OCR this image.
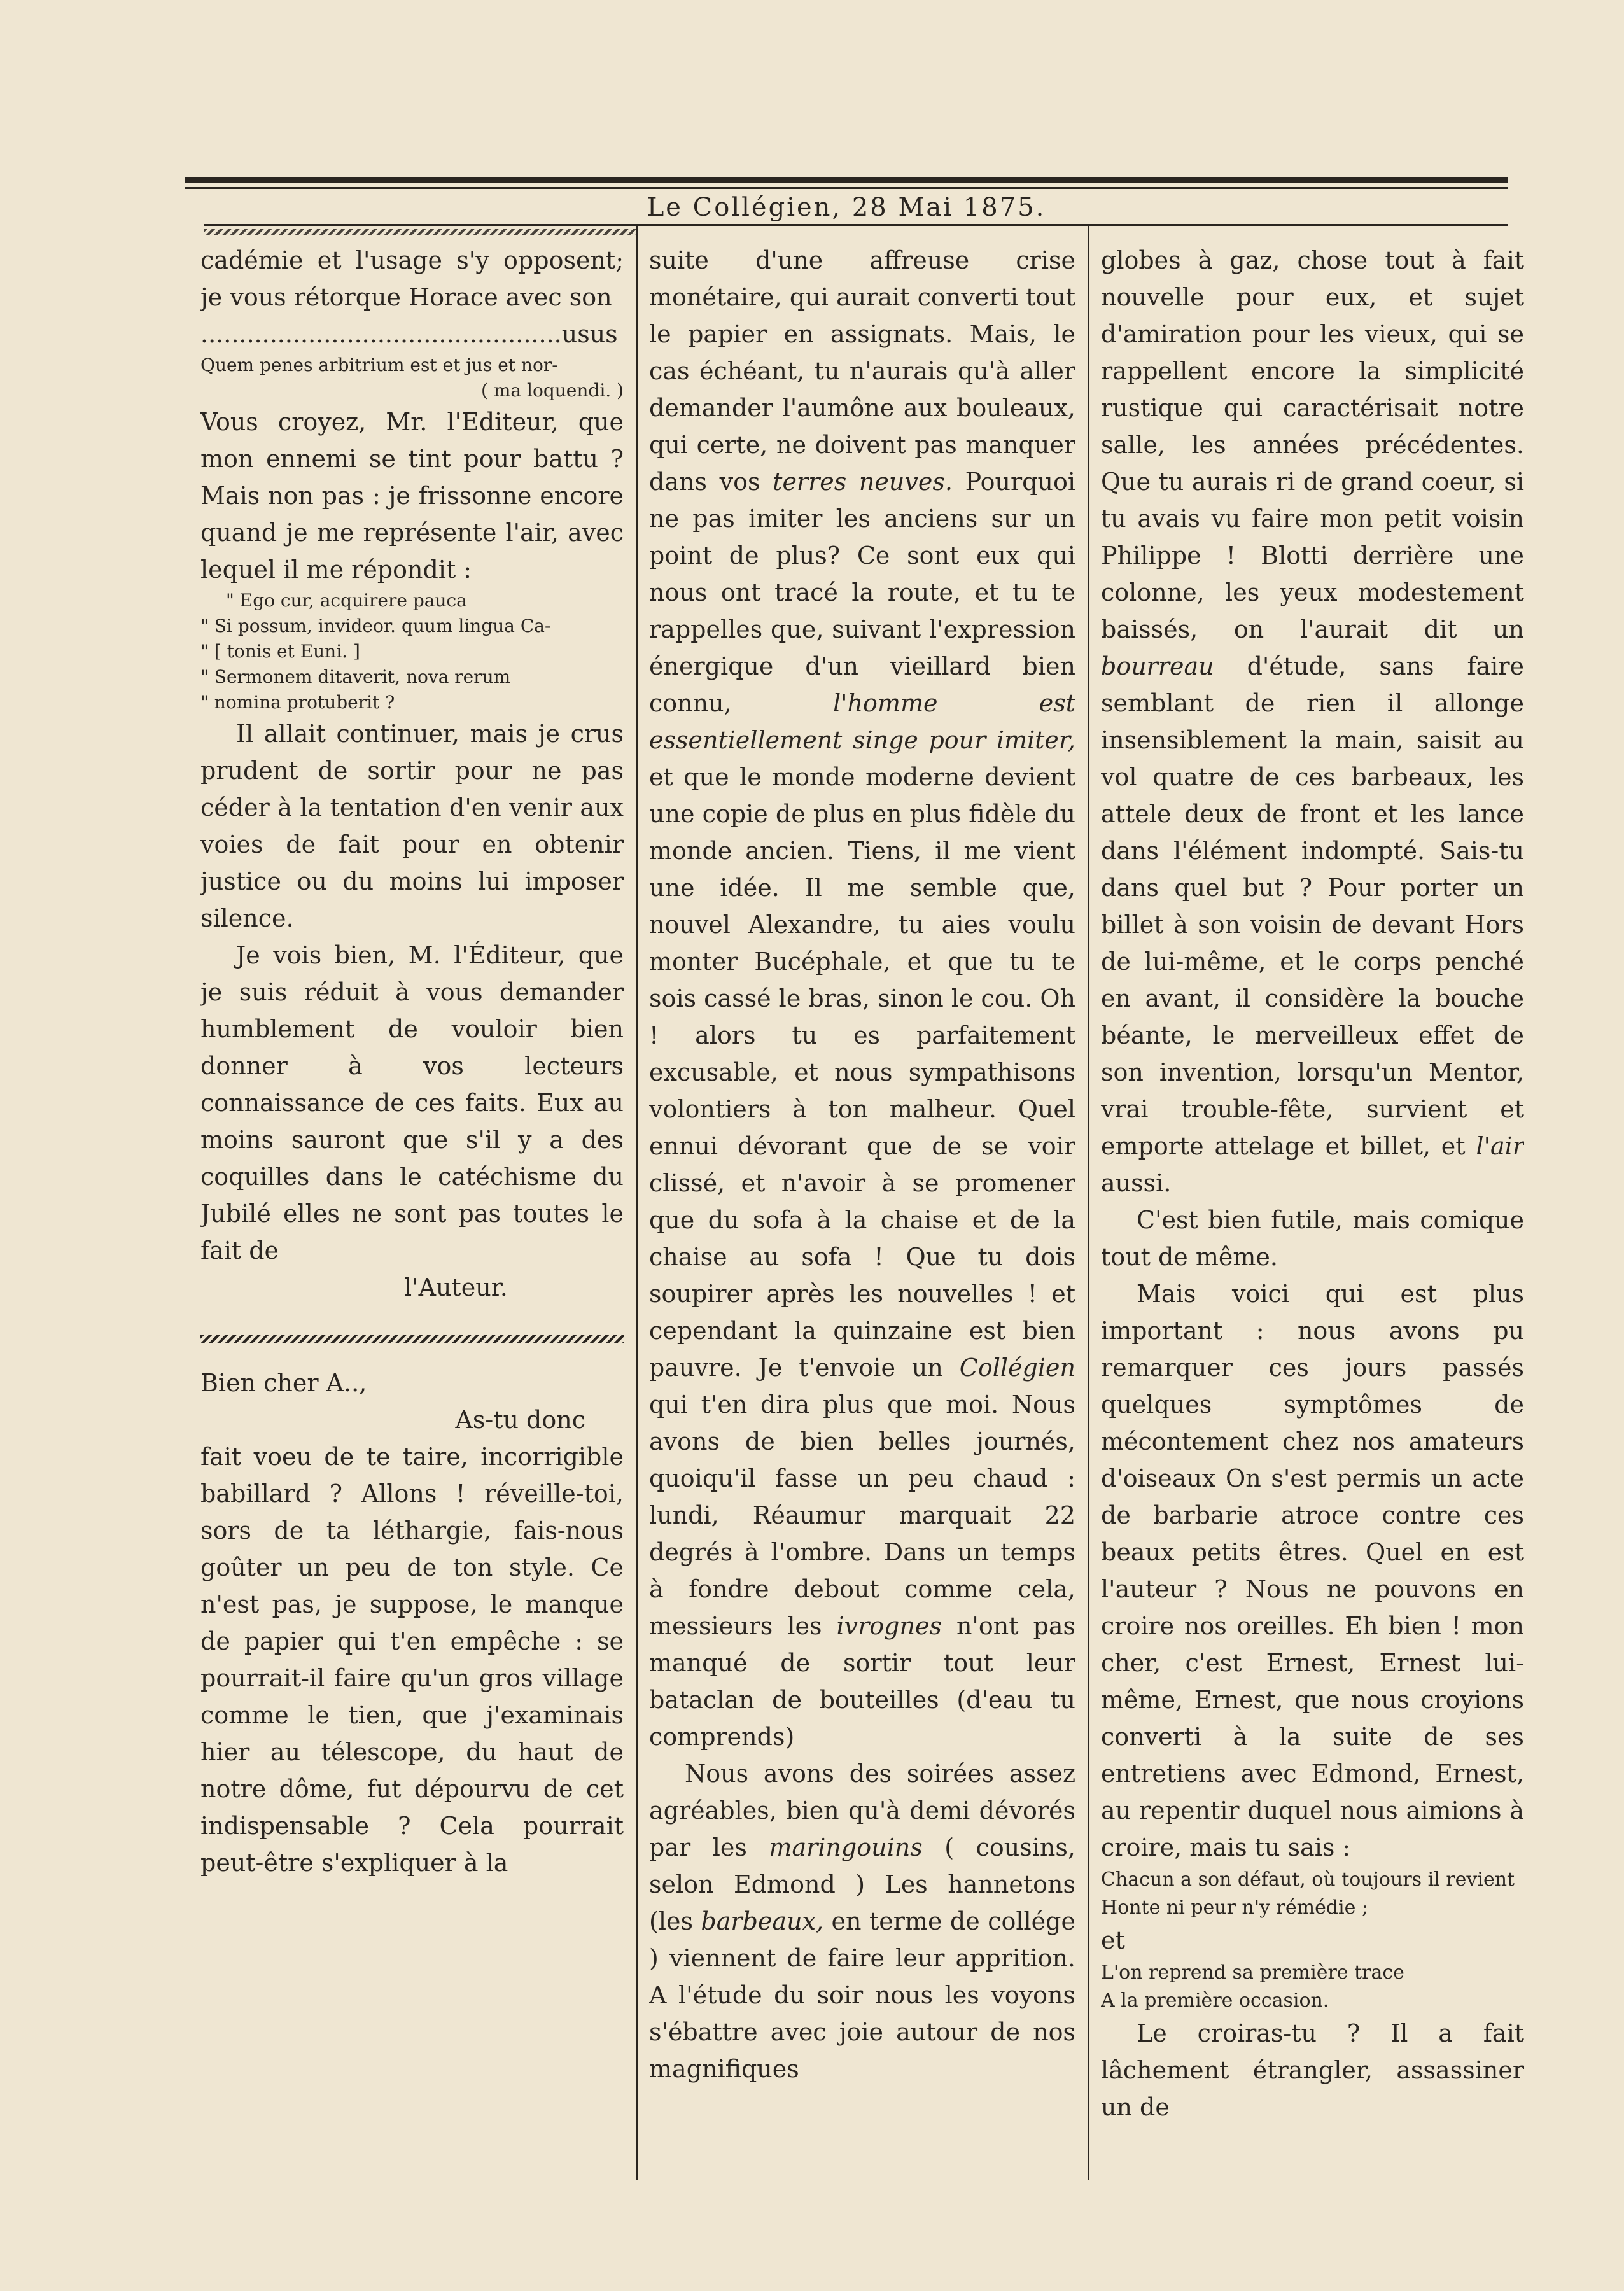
Le Collégien, 28 Mai 1875.

cadémie et l'usage s'y opposent; je vous rétorque Horace avec son

...............................................usus

Quem penes arbitrium est et jus et nor-

( ma loquendi. )

Vous croyez, Mr. l'Editeur, que mon ennemi se tint pour battu ? Mais non pas : je frissonne encore quand je me représente l'air, avec lequel il me répondit :

" Ego cur, acquirere pauca

" Si possum, invideor. quum lingua Ca-

" [ tonis et Euni. ]

" Sermonem ditaverit, nova rerum

" nomina protuberit ?

Il allait continuer, mais je crus prudent de sortir pour ne pas céder à la tentation d'en venir aux voies de fait pour en obtenir justice ou du moins lui imposer silence.

Je vois bien, M. l'Éditeur, que je suis réduit à vous demander humblement de vouloir bien donner à vos lecteurs connaissance de ces faits. Eux au moins sauront que s'il y a des coquilles dans le catéchisme du Jubilé elles ne sont pas toutes le fait de

l'Auteur.

Bien cher A..,

As-tu donc

fait voeu de te taire, incorrigible babillard ? Allons ! réveille-toi, sors de ta léthargie, fais-nous goûter un peu de ton style. Ce n'est pas, je suppose, le manque de papier qui t'en empêche : se pourrait-il faire qu'un gros village comme le tien, que j'examinais hier au télescope, du haut de notre dôme, fut dépourvu de cet indispensable ? Cela pourrait peut-être s'expliquer à la

suite d'une affreuse crise monétaire, qui aurait converti tout le papier en assignats. Mais, le cas échéant, tu n'aurais qu'à aller demander l'aumône aux bouleaux, qui certe, ne doivent pas manquer dans vos terres neuves. Pourquoi ne pas imiter les anciens sur un point de plus? Ce sont eux qui nous ont tracé la route, et tu te rappelles que, suivant l'expression énergique d'un vieillard bien connu,	l'homme est essentiellement singe pour imiter, et que le monde moderne devient une copie de plus en plus fidèle du monde ancien. Tiens, il me vient une idée. Il me semble que, nouvel Alexandre, tu aies voulu monter Bucéphale, et que tu te sois cassé le bras, sinon le cou. Oh ! alors tu es parfaitement excusable, et nous sympathisons volontiers à ton malheur. Quel ennui dévorant que de se voir clissé, et n'avoir à se promener que du sofa à la chaise et de la chaise au sofa ! Que tu dois soupirer après les nouvelles ! et cependant la quinzaine est bien pauvre. Je t'envoie un Collégien qui t'en dira plus que moi. Nous avons de bien belles journés, quoiqu'il fasse un peu chaud : lundi, Réaumur marquait 22 degrés à l'ombre. Dans un temps à fondre debout comme cela, messieurs les ivrognes n'ont pas manqué de sortir tout leur bataclan de bouteilles (d'eau tu comprends)

Nous avons des soirées assez agréables, bien qu'à demi dévorés par les maringouins ( cousins, selon Edmond ) Les hannetons (les barbeaux, en terme de collége ) viennent de faire leur apprition. A l'étude du soir nous les voyons s'ébattre avec joie autour de nos magnifiques

globes à gaz, chose tout à fait nouvelle pour eux, et sujet d'amiration pour les vieux, qui se rappellent encore la simplicité rustique qui caractérisait notre salle, les années précédentes. Que tu aurais ri de grand coeur, si tu avais vu faire mon petit voisin Philippe ! Blotti derrière une colonne, les yeux modestement baissés, on l'aurait dit un bourreau d'étude, sans faire semblant de rien il allonge insensiblement la main, saisit au vol quatre de ces barbeaux, les attele deux de front et les lance dans l'élément indompté. Sais-tu dans quel but ? Pour porter un billet à son voisin de devant Hors de lui-même, et le corps penché en avant, il considère la bouche béante, le merveilleux effet de son invention, lorsqu'un Mentor, vrai trouble-fête, survient et emporte attelage et billet, et l'air aussi.

C'est bien futile, mais comique tout de même.

Mais voici qui est plus important : nous avons pu remarquer ces jours passés quelques symptômes de mécontement chez nos amateurs d'oiseaux On s'est permis un acte de barbarie atroce contre ces beaux petits êtres. Quel en est l'auteur ? Nous ne pouvons en croire nos oreilles. Eh bien ! mon cher, c'est Ernest, Ernest lui-même, Ernest, que nous croyions converti à la suite de ses entretiens avec Edmond, Ernest, au repentir duquel nous aimions à croire, mais tu sais :

Chacun a son défaut, où toujours il revient

Honte ni peur n'y rémédie ;

et

L'on reprend sa première trace

A la première occasion.

Le croiras-tu ? Il a fait lâchement étrangler, assassiner un de
